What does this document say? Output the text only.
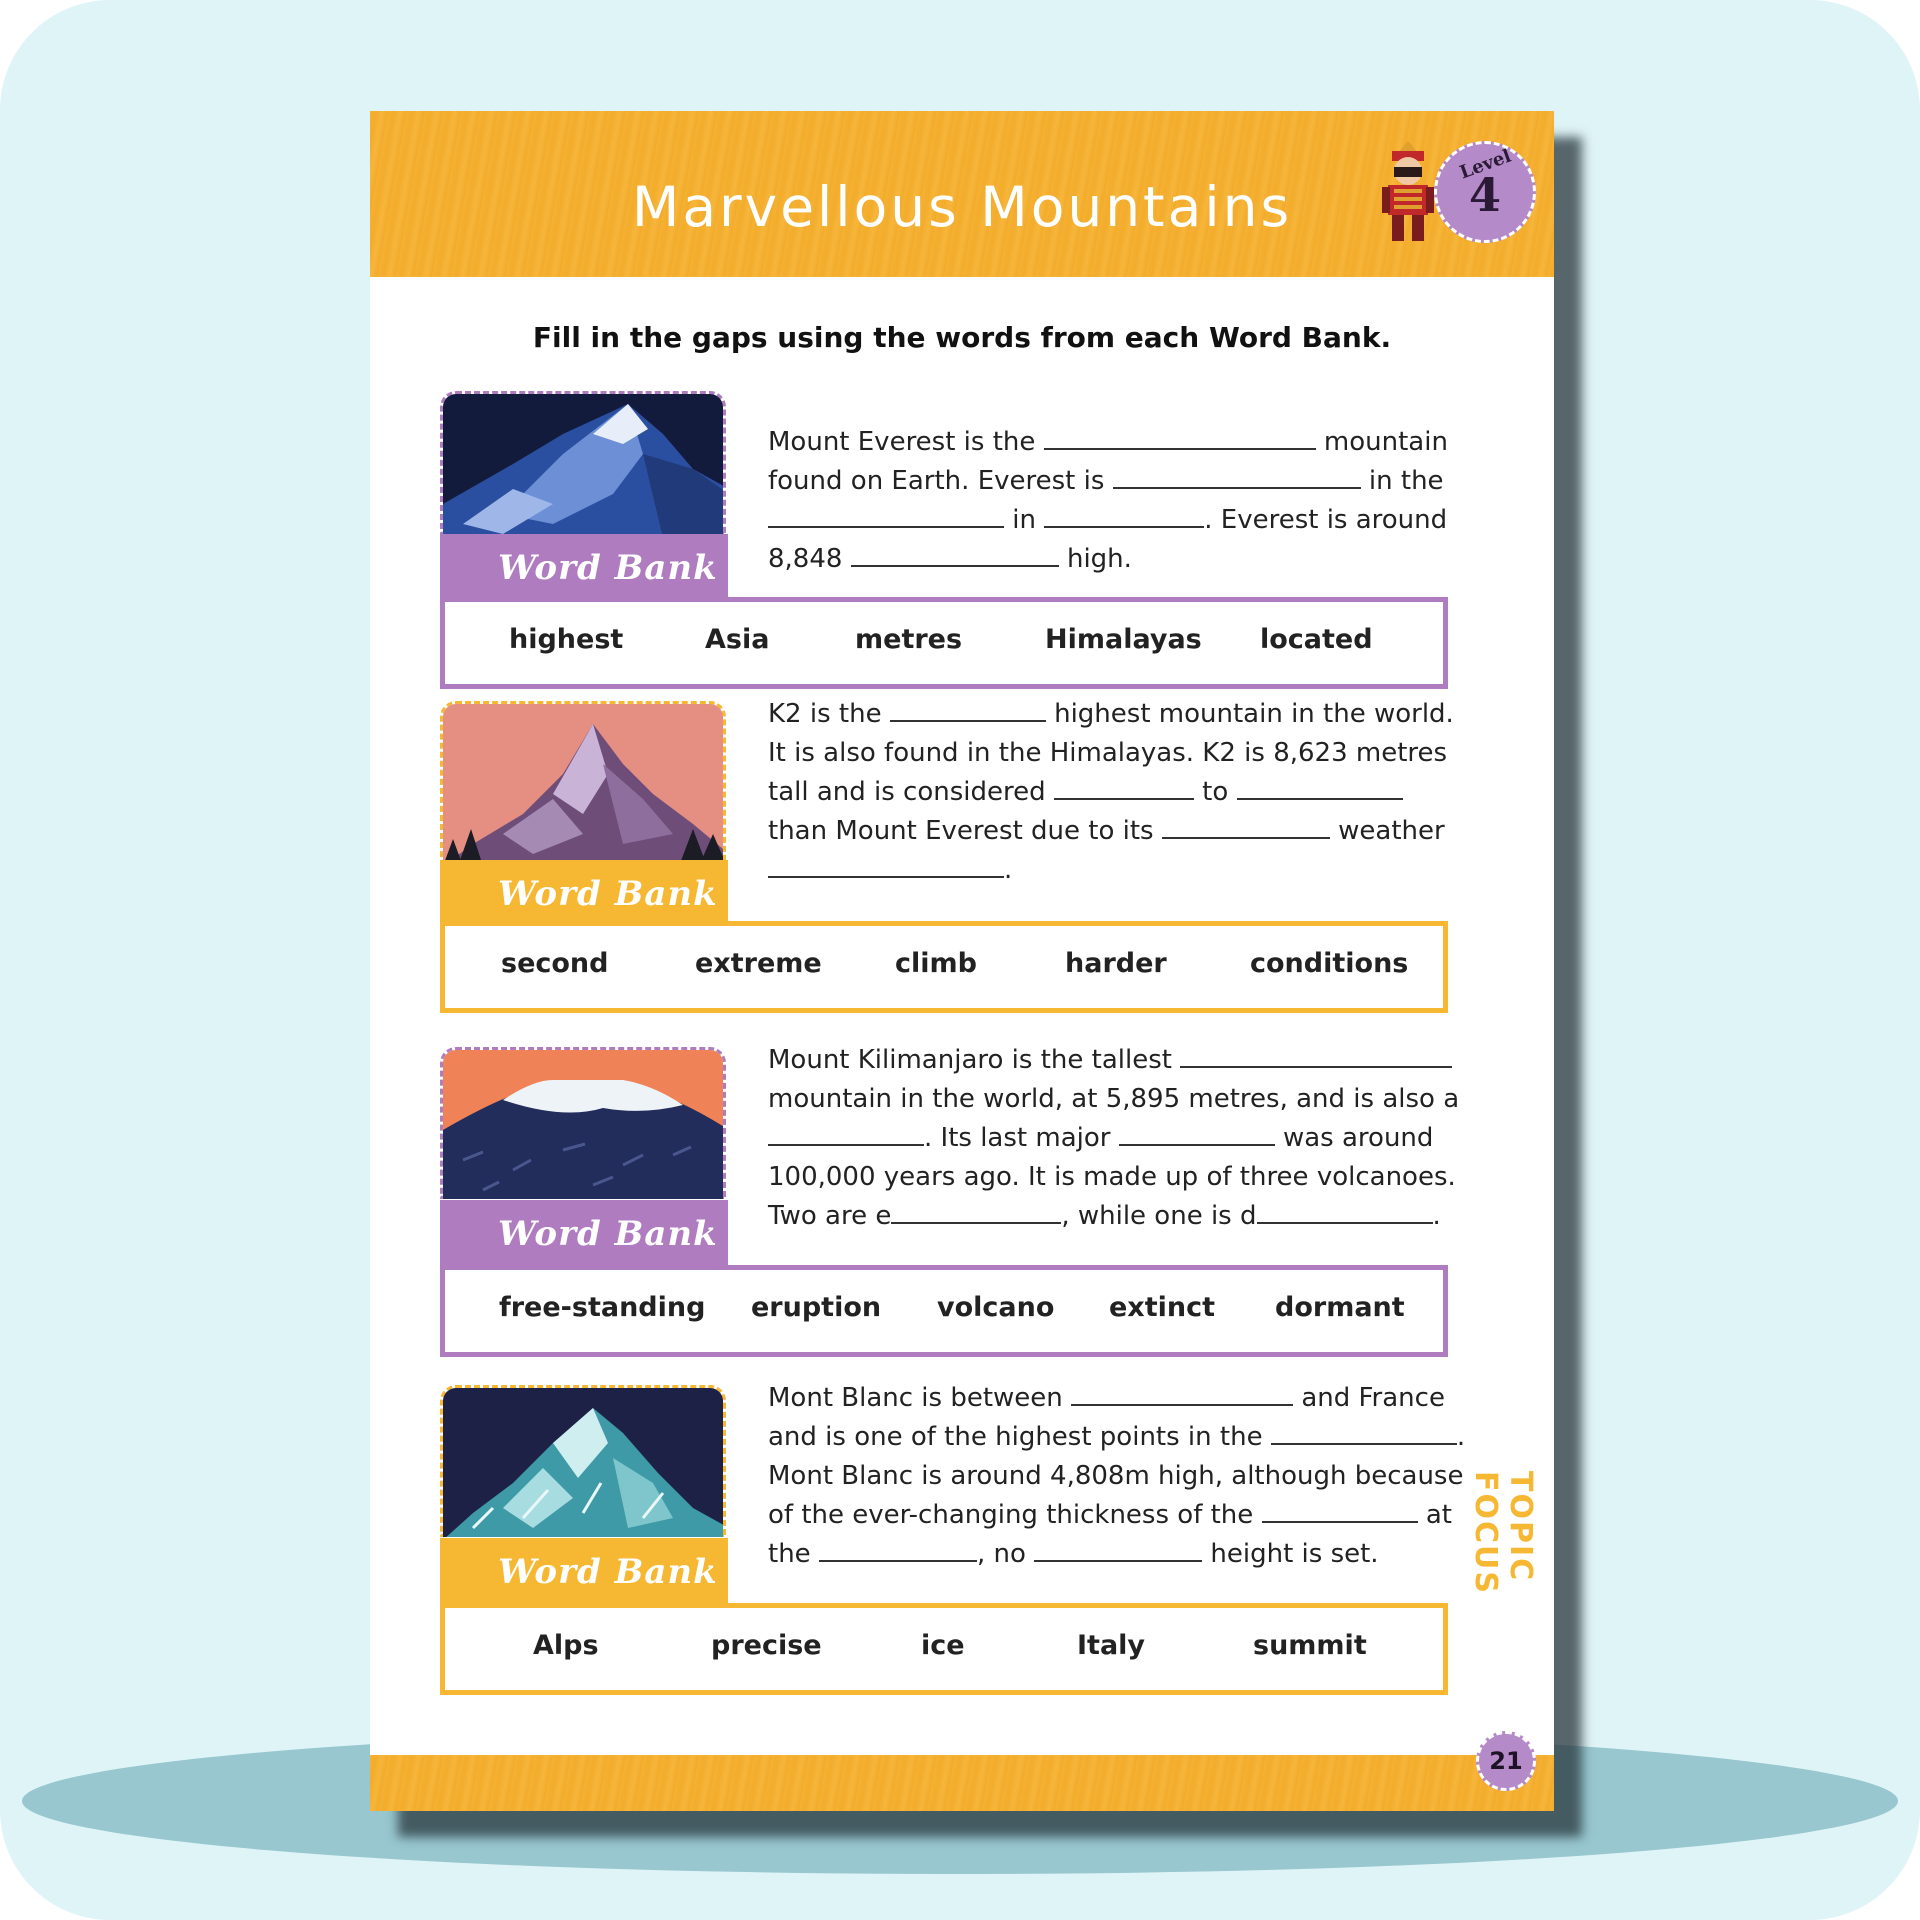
Marvellous Mountains
Level
4
Fill in the gaps using the words from each Word Bank.
Word Bank
Mount Everest is the	mountain
found on Earth. Everest is	in the
in	. Everest is around
8,848	high.
highest	Asia	metres	Himalayas located
Word Bank
K2 is the	highest mountain in the world.
It is also found in the Himalayas. K2 is 8,623 metres
tall and is considered	to
than Mount Everest due to its	weather
.
second	extreme	climb	harder	conditions
Word Bank
Mount Kilimanjaro is the tallest
mountain in the world, at 5,895 metres, and is also a
. Its last major	was around
100,000 years ago. It is made up of three volcanoes.
Two are e	, while one is d	.
free-standing eruption volcano extinct dormant
Word Bank
Mont Blanc is between	and France
and is one of the highest points in the	.
Mont Blanc is around 4,808m high, although because
of the ever-changing thickness of the	at
the	, no	height is set.
Alps	precise	ice	Italy	summit
TOPIC FOCUS
21
